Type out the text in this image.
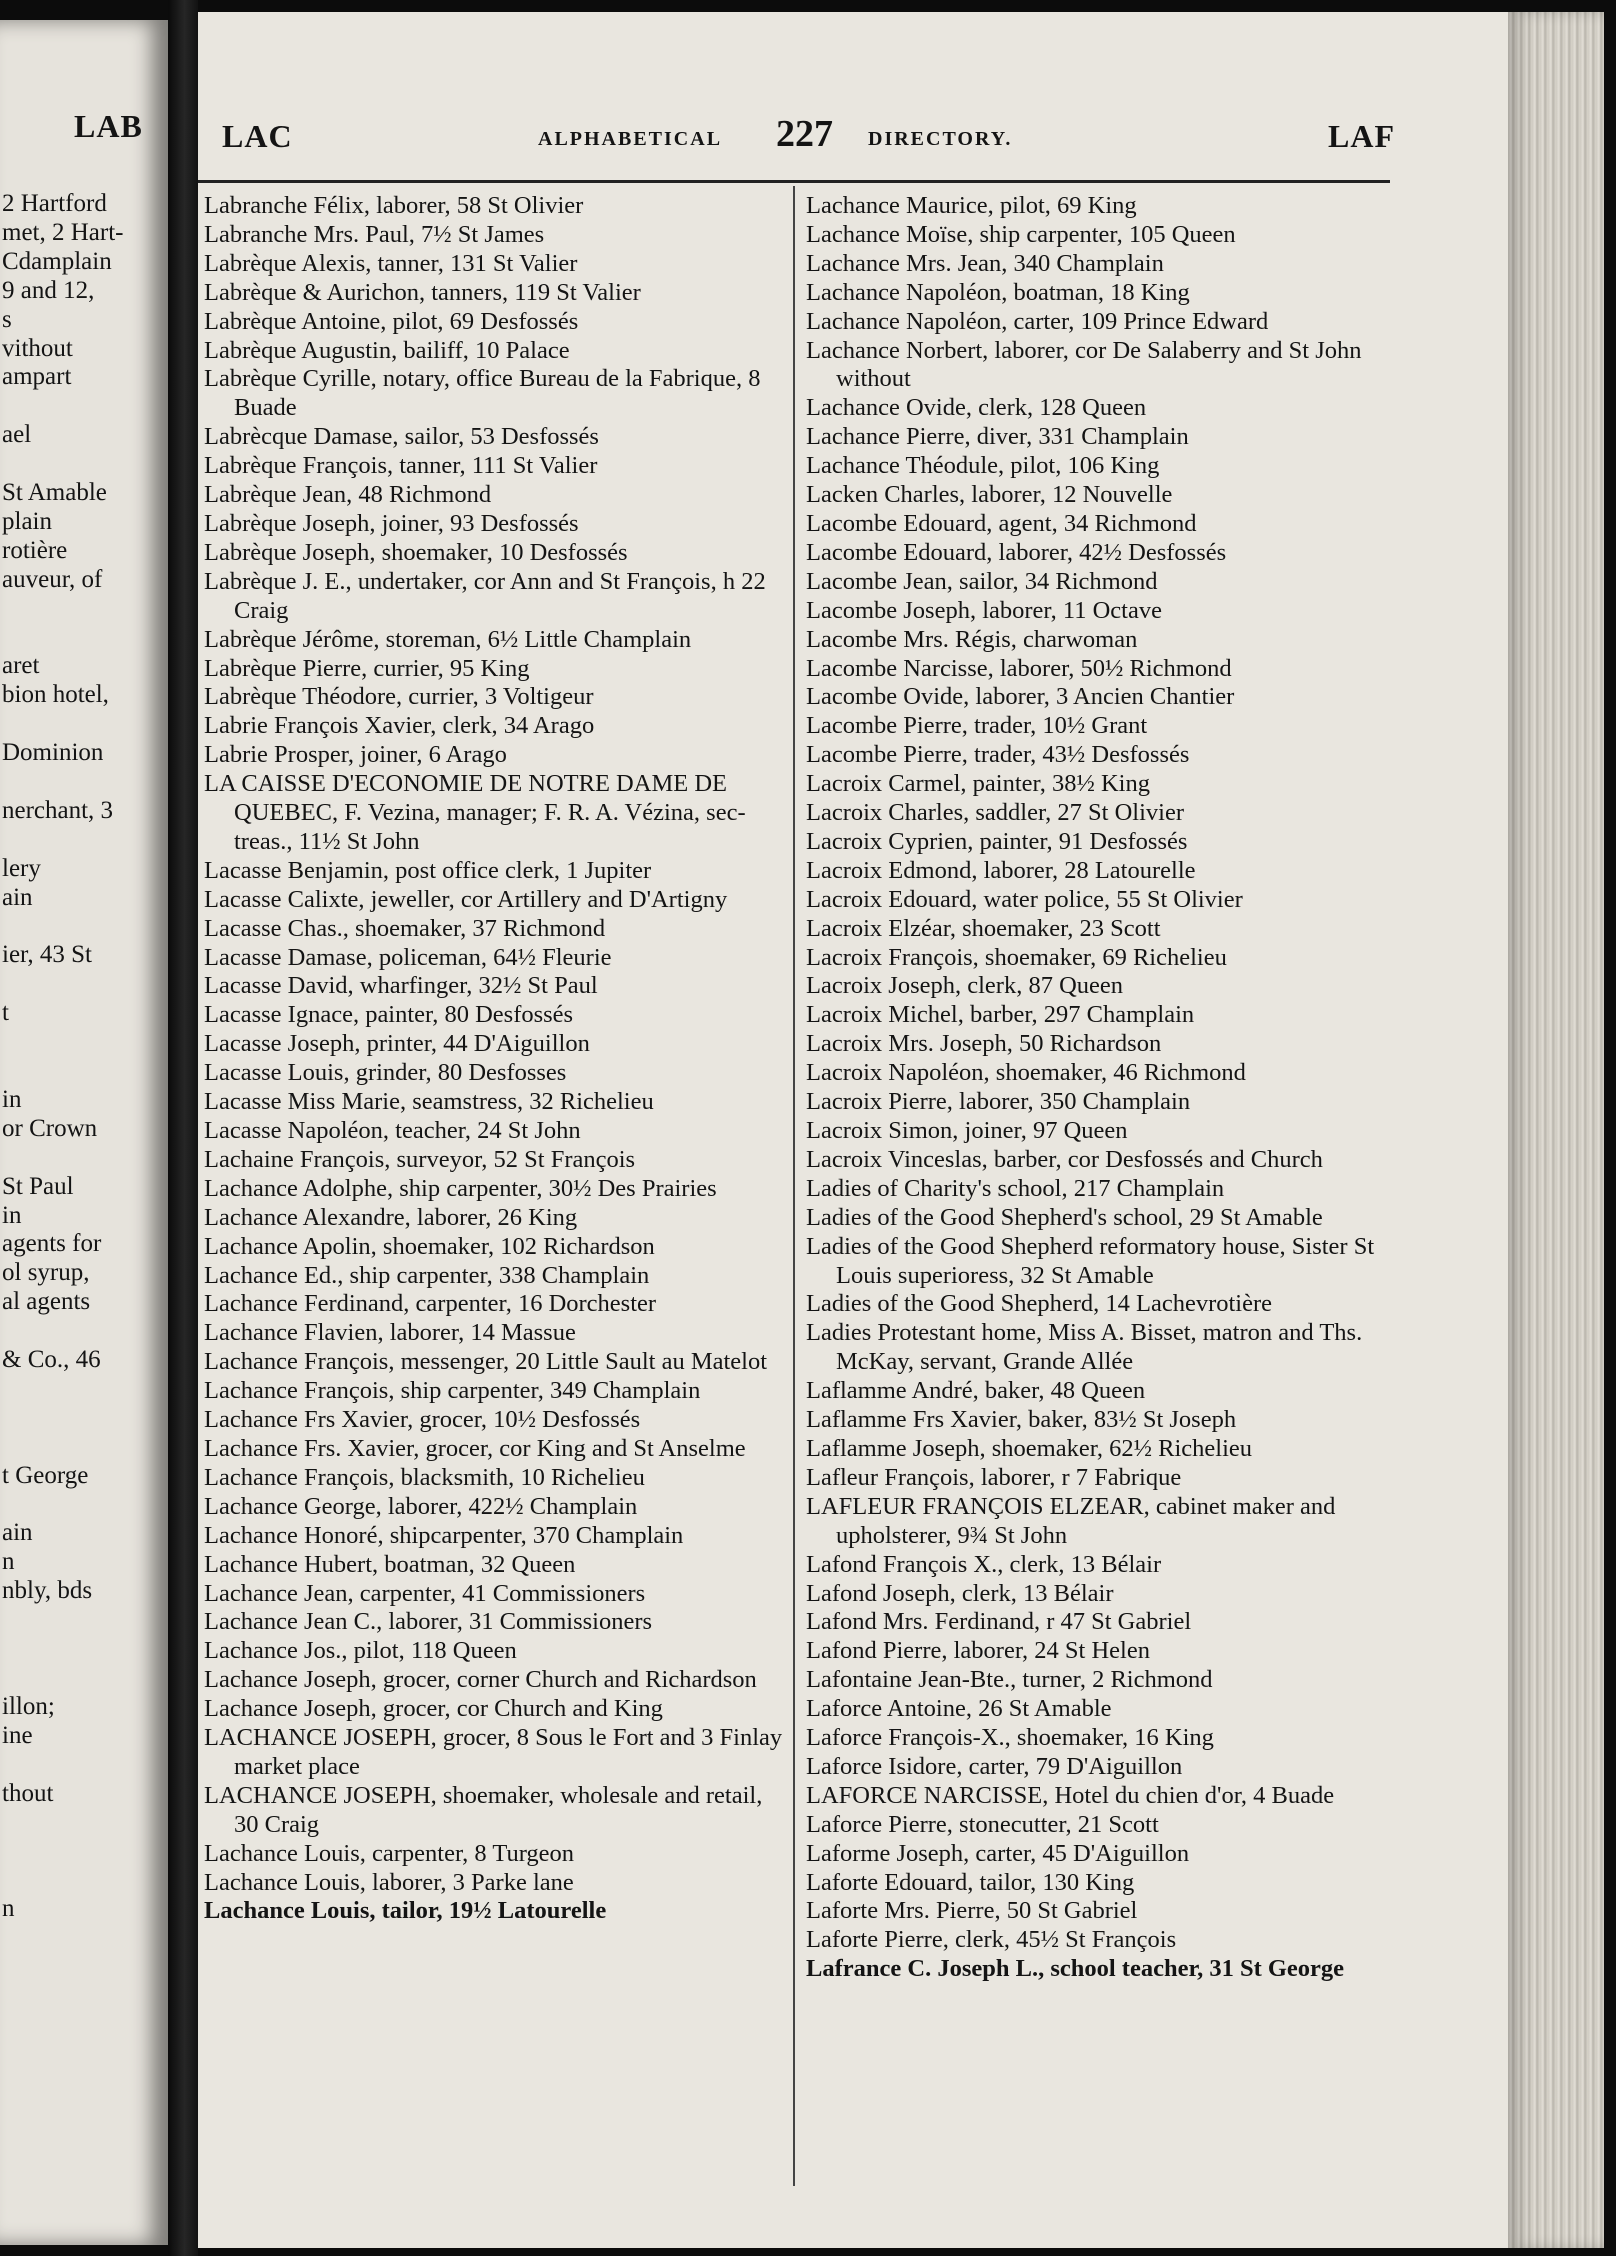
LAB
2 Hartford
met, 2 Hart-
Cdamplain
9 and 12,
s
vithout
ampart
ael
St Amable
plain
rotière
auveur, of
aret
bion hotel,
Dominion
nerchant, 3
lery
ain
ier, 43 St
t
in
or Crown
St Paul
in
agents for
ol syrup,
al agents
& Co., 46
t George
ain
n
nbly, bds
illon;
ine
thout
n
LAC	ALPHABETICAL 227 DIRECTORY.	LAF
Labranche Félix, laborer, 58 St Olivier
Labranche Mrs. Paul, 7½ St James
Labrèque Alexis, tanner, 131 St Valier
Labrèque & Aurichon, tanners, 119 St Valier
Labrèque Antoine, pilot, 69 Desfossés
Labrèque Augustin, bailiff, 10 Palace
Labrèque Cyrille, notary, office Bureau de la Fabrique, 8 Buade
Labrècque Damase, sailor, 53 Desfossés
Labrèque François, tanner, 111 St Valier
Labrèque Jean, 48 Richmond
Labrèque Joseph, joiner, 93 Desfossés
Labrèque Joseph, shoemaker, 10 Desfossés
Labrèque J. E., undertaker, cor Ann and St François, h 22 Craig
Labrèque Jérôme, storeman, 6½ Little Champlain
Labrèque Pierre, currier, 95 King
Labrèque Théodore, currier, 3 Voltigeur
Labrie François Xavier, clerk, 34 Arago
Labrie Prosper, joiner, 6 Arago
LA CAISSE D'ECONOMIE DE NOTRE DAME DE QUEBEC, F. Vezina, manager; F. R. A. Vézina, sec-treas., 11½ St John
Lacasse Benjamin, post office clerk, 1 Jupiter
Lacasse Calixte, jeweller, cor Artillery and D'Artigny
Lacasse Chas., shoemaker, 37 Richmond
Lacasse Damase, policeman, 64½ Fleurie
Lacasse David, wharfinger, 32½ St Paul
Lacasse Ignace, painter, 80 Desfossés
Lacasse Joseph, printer, 44 D'Aiguillon
Lacasse Louis, grinder, 80 Desfosses
Lacasse Miss Marie, seamstress, 32 Richelieu
Lacasse Napoléon, teacher, 24 St John
Lachaine François, surveyor, 52 St François
Lachance Adolphe, ship carpenter, 30½ Des Prairies
Lachance Alexandre, laborer, 26 King
Lachance Apolin, shoemaker, 102 Richardson
Lachance Ed., ship carpenter, 338 Champlain
Lachance Ferdinand, carpenter, 16 Dorchester
Lachance Flavien, laborer, 14 Massue
Lachance François, messenger, 20 Little Sault au Matelot
Lachance François, ship carpenter, 349 Champlain
Lachance Frs Xavier, grocer, 10½ Desfossés
Lachance Frs. Xavier, grocer, cor King and St Anselme
Lachance François, blacksmith, 10 Richelieu
Lachance George, laborer, 422½ Champlain
Lachance Honoré, shipcarpenter, 370 Champlain
Lachance Hubert, boatman, 32 Queen
Lachance Jean, carpenter, 41 Commissioners
Lachance Jean C., laborer, 31 Commissioners
Lachance Jos., pilot, 118 Queen
Lachance Joseph, grocer, corner Church and Richardson
Lachance Joseph, grocer, cor Church and King
LACHANCE JOSEPH, grocer, 8 Sous le Fort and 3 Finlay market place
LACHANCE JOSEPH, shoemaker, wholesale and retail, 30 Craig
Lachance Louis, carpenter, 8 Turgeon
Lachance Louis, laborer, 3 Parke lane
Lachance Louis, tailor, 19½ Latourelle
Lachance Maurice, pilot, 69 King
Lachance Moïse, ship carpenter, 105 Queen
Lachance Mrs. Jean, 340 Champlain
Lachance Napoléon, boatman, 18 King
Lachance Napoléon, carter, 109 Prince Edward
Lachance Norbert, laborer, cor De Salaberry and St John without
Lachance Ovide, clerk, 128 Queen
Lachance Pierre, diver, 331 Champlain
Lachance Théodule, pilot, 106 King
Lacken Charles, laborer, 12 Nouvelle
Lacombe Edouard, agent, 34 Richmond
Lacombe Edouard, laborer, 42½ Desfossés
Lacombe Jean, sailor, 34 Richmond
Lacombe Joseph, laborer, 11 Octave
Lacombe Mrs. Régis, charwoman
Lacombe Narcisse, laborer, 50½ Richmond
Lacombe Ovide, laborer, 3 Ancien Chantier
Lacombe Pierre, trader, 10½ Grant
Lacombe Pierre, trader, 43½ Desfossés
Lacroix Carmel, painter, 38½ King
Lacroix Charles, saddler, 27 St Olivier
Lacroix Cyprien, painter, 91 Desfossés
Lacroix Edmond, laborer, 28 Latourelle
Lacroix Edouard, water police, 55 St Olivier
Lacroix Elzéar, shoemaker, 23 Scott
Lacroix François, shoemaker, 69 Richelieu
Lacroix Joseph, clerk, 87 Queen
Lacroix Michel, barber, 297 Champlain
Lacroix Mrs. Joseph, 50 Richardson
Lacroix Napoléon, shoemaker, 46 Richmond
Lacroix Pierre, laborer, 350 Champlain
Lacroix Simon, joiner, 97 Queen
Lacroix Vinceslas, barber, cor Desfossés and Church
Ladies of Charity's school, 217 Champlain
Ladies of the Good Shepherd's school, 29 St Amable
Ladies of the Good Shepherd reformatory house, Sister St Louis superioress, 32 St Amable
Ladies of the Good Shepherd, 14 Lachevrotière
Ladies Protestant home, Miss A. Bisset, matron and Ths. McKay, servant, Grande Allée
Laflamme André, baker, 48 Queen
Laflamme Frs Xavier, baker, 83½ St Joseph
Laflamme Joseph, shoemaker, 62½ Richelieu
Lafleur François, laborer, r 7 Fabrique
LAFLEUR FRANÇOIS ELZEAR, cabinet maker and upholsterer, 9¾ St John
Lafond François X., clerk, 13 Bélair
Lafond Joseph, clerk, 13 Bélair
Lafond Mrs. Ferdinand, r 47 St Gabriel
Lafond Pierre, laborer, 24 St Helen
Lafontaine Jean-Bte., turner, 2 Richmond
Laforce Antoine, 26 St Amable
Laforce François-X., shoemaker, 16 King
Laforce Isidore, carter, 79 D'Aiguillon
LAFORCE NARCISSE, Hotel du chien d'or, 4 Buade
Laforce Pierre, stonecutter, 21 Scott
Laforme Joseph, carter, 45 D'Aiguillon
Laforte Edouard, tailor, 130 King
Laforte Mrs. Pierre, 50 St Gabriel
Laforte Pierre, clerk, 45½ St François
Lafrance C. Joseph L., school teacher, 31 St George
